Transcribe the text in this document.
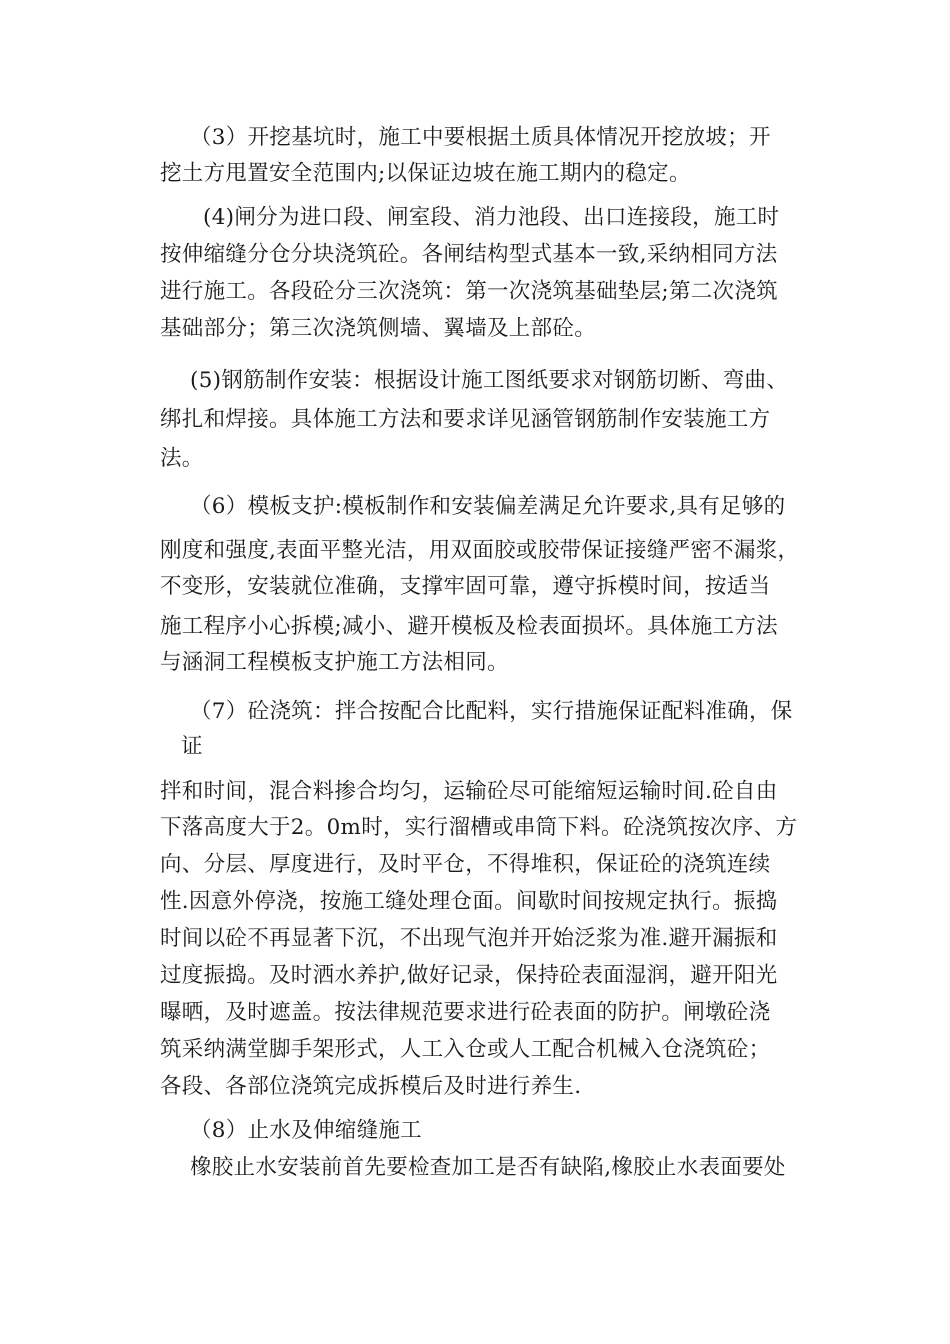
（3）开挖基坑时，施工中要根据土质具体情况开挖放坡；开
挖土方甩置安全范围内;以保证边坡在施工期内的稳定。
(4)闸分为进口段、闸室段、消力池段、出口连接段，施工时
按伸缩缝分仓分块浇筑砼。各闸结构型式基本一致,采纳相同方法
进行施工。各段砼分三次浇筑：第一次浇筑基础垫层;第二次浇筑
基础部分；第三次浇筑侧墙、翼墙及上部砼。
(5)钢筋制作安装：根据设计施工图纸要求对钢筋切断、弯曲、
绑扎和焊接。具体施工方法和要求详见涵管钢筋制作安装施工方
法。
（6）模板支护:模板制作和安装偏差满足允许要求,具有足够的
刚度和强度,表面平整光洁，用双面胶或胶带保证接缝严密不漏浆，
不变形，安装就位准确，支撑牢固可靠，遵守拆模时间，按适当
施工程序小心拆模;减小、避开模板及检表面损坏。具体施工方法
与涵洞工程模板支护施工方法相同。
（7）砼浇筑：拌合按配合比配料，实行措施保证配料准确，保
证
拌和时间，混合料掺合均匀，运输砼尽可能缩短运输时间.砼自由
下落高度大于2。0m时，实行溜槽或串筒下料。砼浇筑按次序、方
向、分层、厚度进行，及时平仓，不得堆积，保证砼的浇筑连续
性.因意外停浇，按施工缝处理仓面。间歇时间按规定执行。振捣
时间以砼不再显著下沉，不出现气泡并开始泛浆为准.避开漏振和
过度振捣。及时洒水养护,做好记录，保持砼表面湿润，避开阳光
曝晒，及时遮盖。按法律规范要求进行砼表面的防护。闸墩砼浇
筑采纳满堂脚手架形式，人工入仓或人工配合机械入仓浇筑砼；
各段、各部位浇筑完成拆模后及时进行养生.
（8）止水及伸缩缝施工
橡胶止水安装前首先要检查加工是否有缺陷,橡胶止水表面要处
